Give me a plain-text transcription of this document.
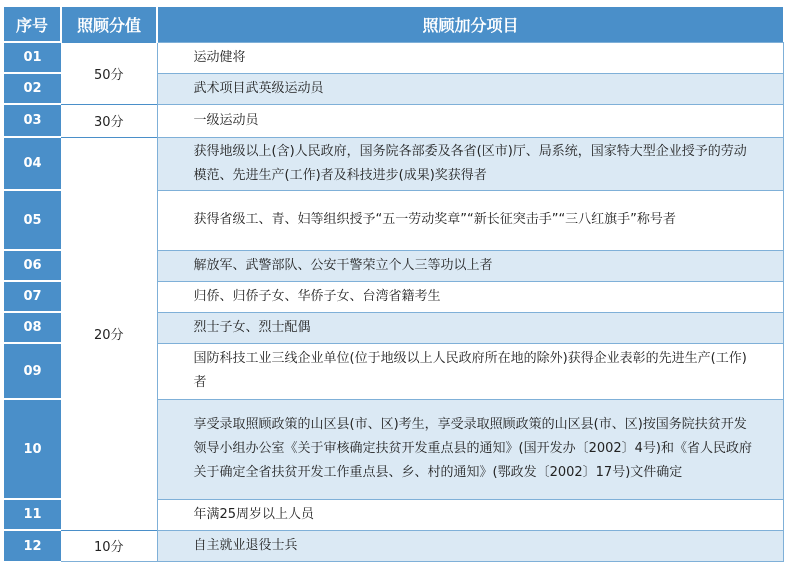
序号	照顾分值	照顾加分项目
01	50分	运动健将
02		武术项目武英级运动员
03	30分	一级运动员
04	20分	获得地级以上(含)人民政府，国务院各部委及各省(区市)厅、局系统，国家特大型企业授予的劳动模范、先进生产(工作)者及科技进步(成果)奖获得者
05		获得省级工、青、妇等组织授予“五一劳动奖章”“新长征突击手”“三八红旗手”称号者
06		解放军、武警部队、公安干警荣立个人三等功以上者
07		归侨、归侨子女、华侨子女、台湾省籍考生
08		烈士子女、烈士配偶
09		国防科技工业三线企业单位(位于地级以上人民政府所在地的除外)获得企业表彰的先进生产(工作)者
10		享受录取照顾政策的山区县(市、区)考生，享受录取照顾政策的山区县(市、区)按国务院扶贫开发领导小组办公室《关于审核确定扶贫开发重点县的通知》(国开发办〔2002〕4号)和《省人民政府关于确定全省扶贫开发工作重点县、乡、村的通知》(鄂政发〔2002〕17号)文件确定
11		年满25周岁以上人员
12	10分	自主就业退役士兵
